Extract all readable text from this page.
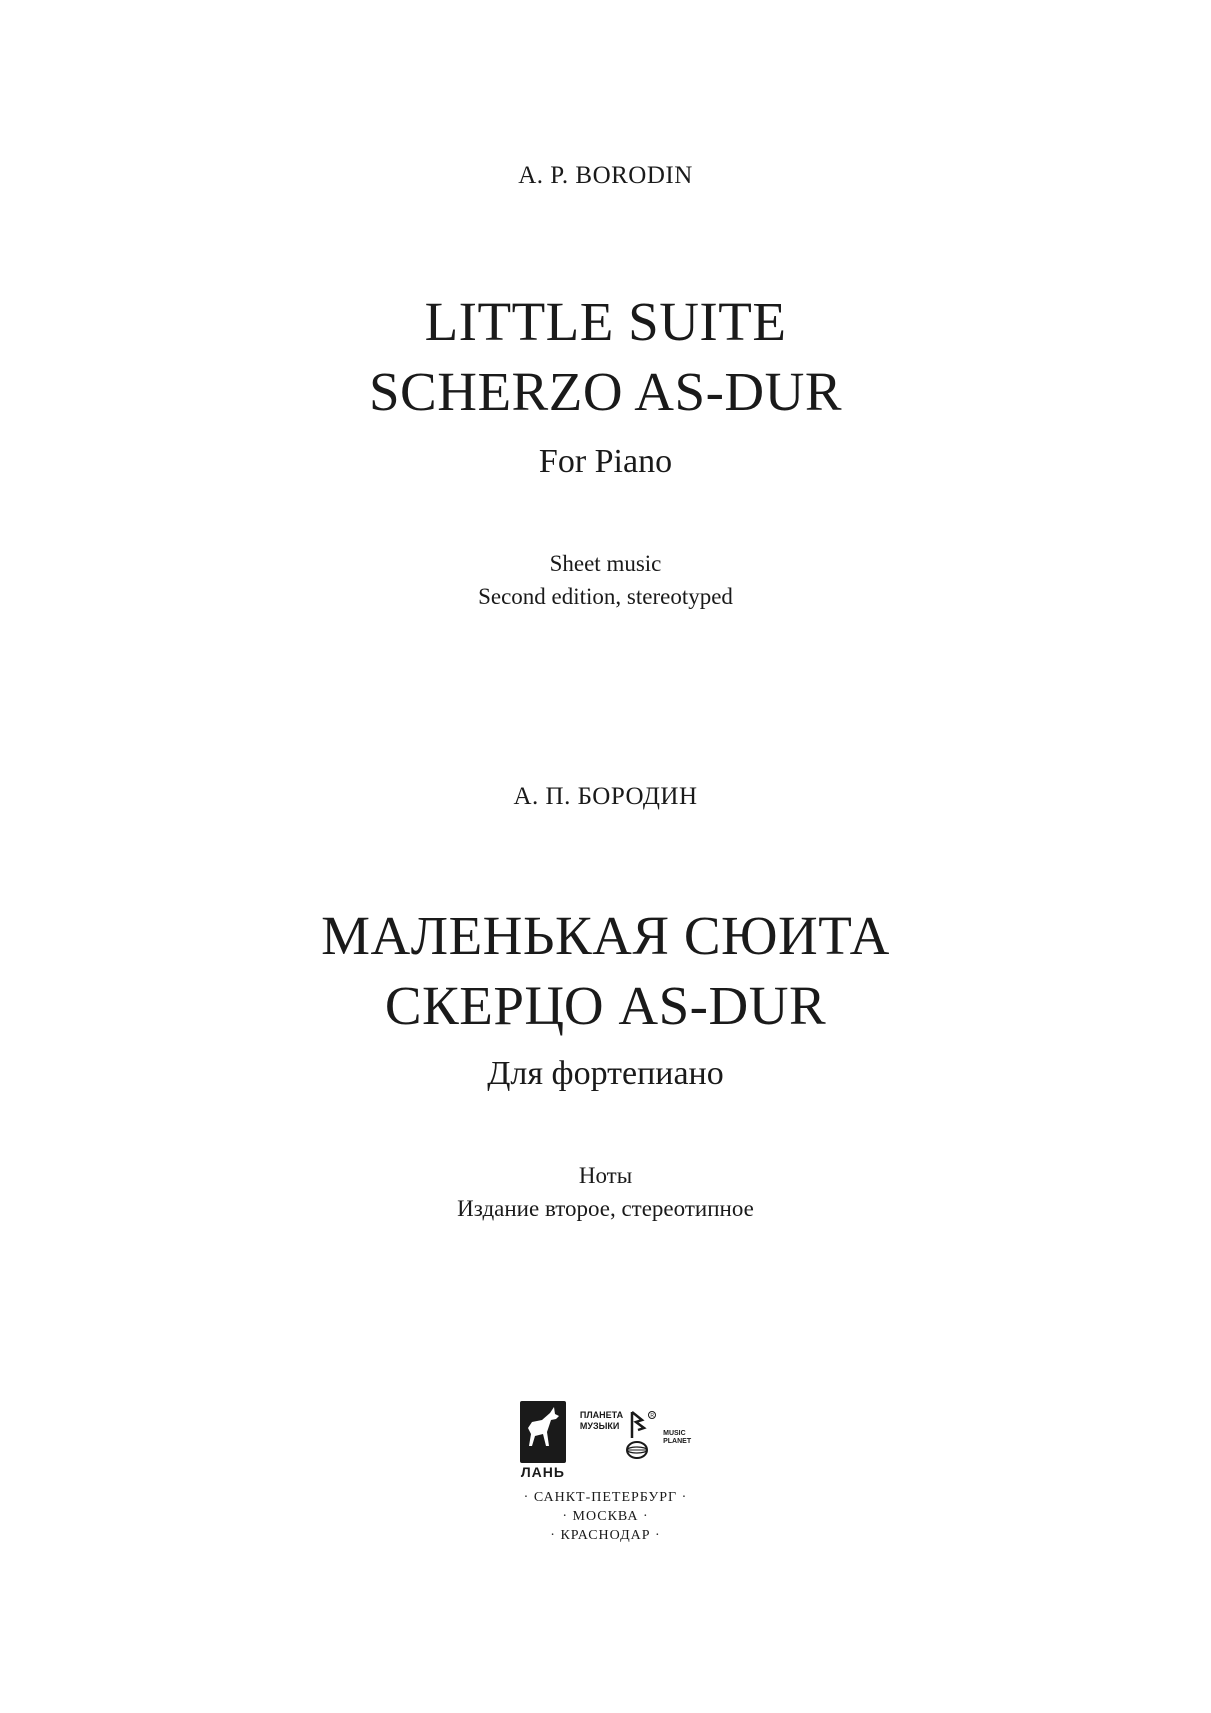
A. P. BORODIN
LITTLE SUITE
SCHERZO AS-DUR
For Piano
Sheet music
Second edition, stereotyped
А. П. БОРОДИН
МАЛЕНЬКАЯ СЮИТА
СКЕРЦО AS-DUR
Для фортепиано
Ноты
Издание второе, стереотипное
ЛАНЬ
ПЛАНЕТА
МУЗЫКИ
R
MUSIC
PLANET
· САНКТ-ПЕТЕРБУРГ ·
· МОСКВА ·
· КРАСНОДАР ·
